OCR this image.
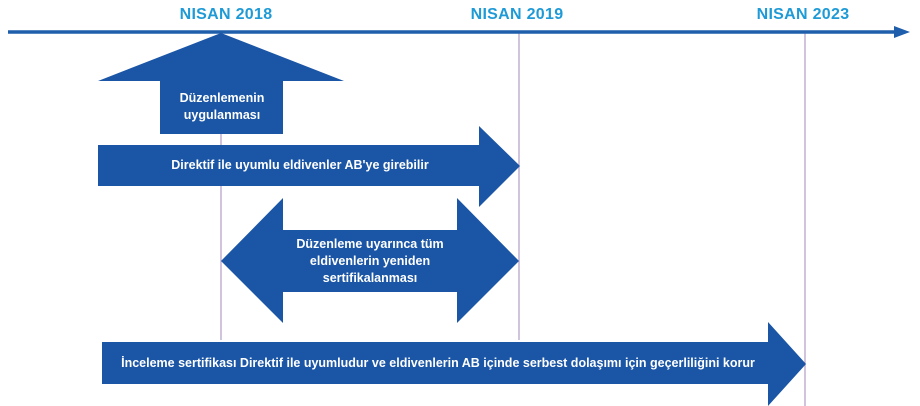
NISAN 2018	NISAN 2019	NISAN 2023
Düzenlemenin uygulanması
Direktif ile uyumlu eldivenler AB'ye girebilir
Düzenleme uyarınca tüm eldivenlerin yeniden sertifikalanması
İnceleme sertifikası Direktif ile uyumludur ve eldivenlerin AB içinde serbest dolaşımı için geçerliliğini korur
